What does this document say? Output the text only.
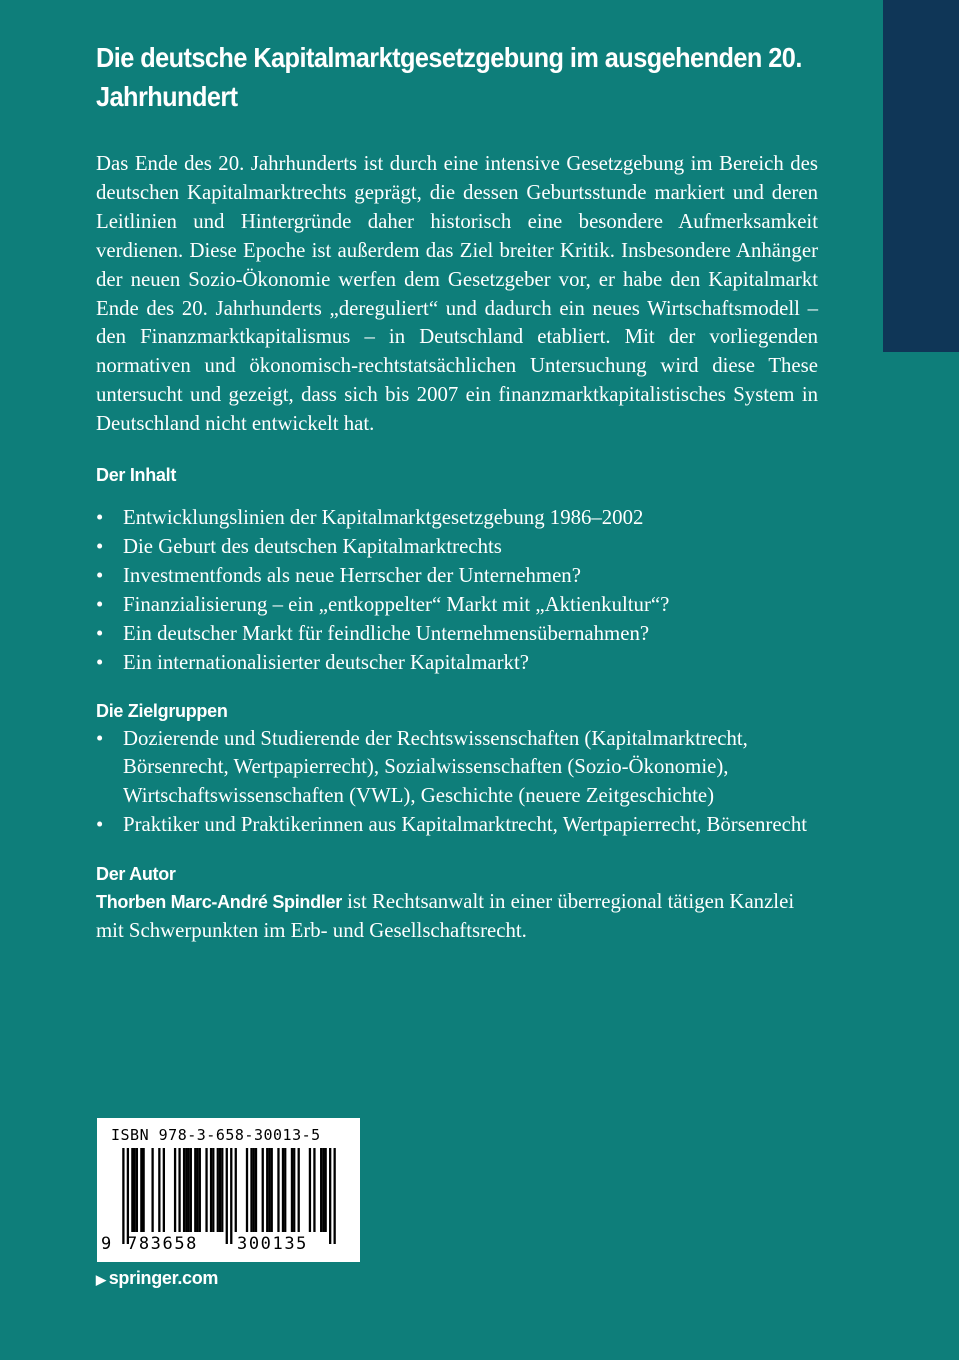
Die deutsche Kapitalmarktgesetzgebung im ausgehenden 20. Jahrhundert

Das Ende des 20. Jahrhunderts ist durch eine intensive Gesetzgebung im Bereich des deutschen Kapitalmarktrechts geprägt, die dessen Geburtsstunde markiert und deren Leitlinien und Hintergründe daher historisch eine besondere Aufmerksamkeit verdienen. Diese Epoche ist außerdem das Ziel breiter Kritik. Insbesondere Anhänger der neuen Sozio-Ökonomie werfen dem Gesetzgeber vor, er habe den Kapitalmarkt Ende des 20. Jahrhunderts „dereguliert“ und dadurch ein neues Wirtschaftsmodell – den Finanzmarktkapitalismus – in Deutschland etabliert. Mit der vorliegenden normativen und ökonomisch-rechtstatsächlichen Untersuchung wird diese These untersucht und gezeigt, dass sich bis 2007 ein finanzmarktkapitalistisches System in Deutschland nicht entwickelt hat.

Der Inhalt
• Entwicklungslinien der Kapitalmarktgesetzgebung 1986–2002
• Die Geburt des deutschen Kapitalmarktrechts
• Investmentfonds als neue Herrscher der Unternehmen?
• Finanzialisierung – ein „entkoppelter“ Markt mit „Aktienkultur“?
• Ein deutscher Markt für feindliche Unternehmensübernahmen?
• Ein internationalisierter deutscher Kapitalmarkt?
Die Zielgruppen
• Dozierende und Studierende der Rechtswissenschaften (Kapitalmarktrecht, Börsenrecht, Wertpapierrecht), Sozialwissenschaften (Sozio-Ökonomie), Wirtschaftswissenschaften (VWL), Geschichte (neuere Zeitgeschichte)
• Praktiker und Praktikerinnen aus Kapitalmarktrecht, Wertpapierrecht, Börsenrecht
Der Autor
Thorben Marc-André Spindler ist Rechtsanwalt in einer überregional tätigen Kanzlei mit Schwerpunkten im Erb- und Gesellschaftsrecht.
ISBN 978-3-658-30013-5
9 783658 300135
▶ springer.com
